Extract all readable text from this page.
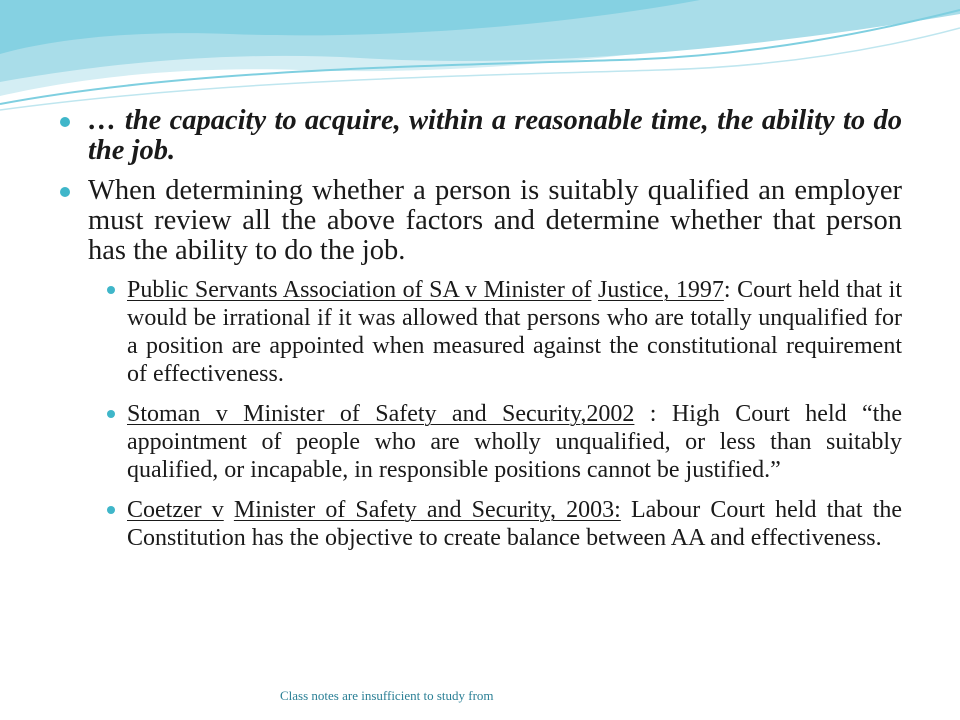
… the capacity to acquire, within a reasonable time, the ability to do the job.
When determining whether a person is suitably qualified an employer must review all the above factors and determine whether that person has the ability to do the job.
Public Servants Association of SA v Minister of Justice, 1997: Court held that it would be irrational if it was allowed that persons who are totally unqualified for a position are appointed when measured against the constitutional requirement of effectiveness.
Stoman v Minister of Safety and Security,2002 : High Court held “the appointment of people who are wholly unqualified, or less than suitably qualified, or incapable, in responsible positions cannot be justified.”
Coetzer v Minister of Safety and Security, 2003: Labour Court held that the Constitution has the objective to create balance between AA and effectiveness.
Class notes are insufficient to study from
